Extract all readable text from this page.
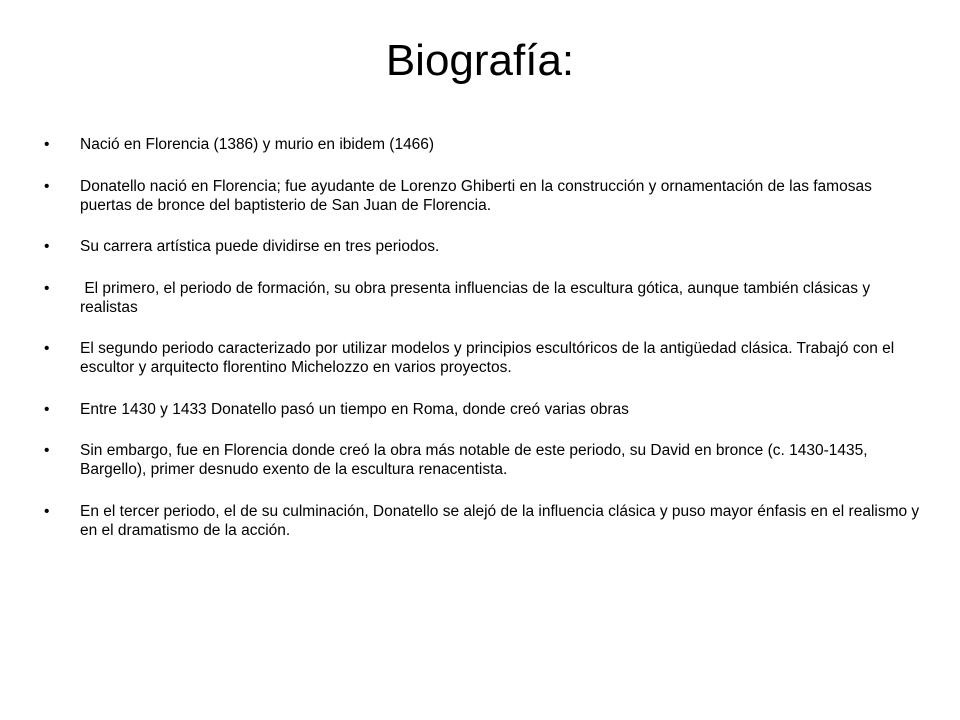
Biografía:
• Nació en Florencia (1386) y murio en ibidem (1466)
• Donatello nació en Florencia; fue ayudante de Lorenzo Ghiberti en la construcción y ornamentación de las famosas puertas de bronce del baptisterio de San Juan de Florencia.
• Su carrera artística puede dividirse en tres periodos.
• El primero, el periodo de formación, su obra presenta influencias de la escultura gótica, aunque también clásicas y realistas
• El segundo periodo caracterizado por utilizar modelos y principios escultóricos de la antigüedad clásica. Trabajó con el escultor y arquitecto florentino Michelozzo en varios proyectos.
• Entre 1430 y 1433 Donatello pasó un tiempo en Roma, donde creó varias obras
• Sin embargo, fue en Florencia donde creó la obra más notable de este periodo, su David en bronce (c. 1430-1435,  Bargello), primer desnudo exento de la escultura renacentista.
• En el tercer periodo, el de su culminación, Donatello se alejó de la influencia clásica y puso mayor énfasis en el realismo y en el dramatismo de la acción.
